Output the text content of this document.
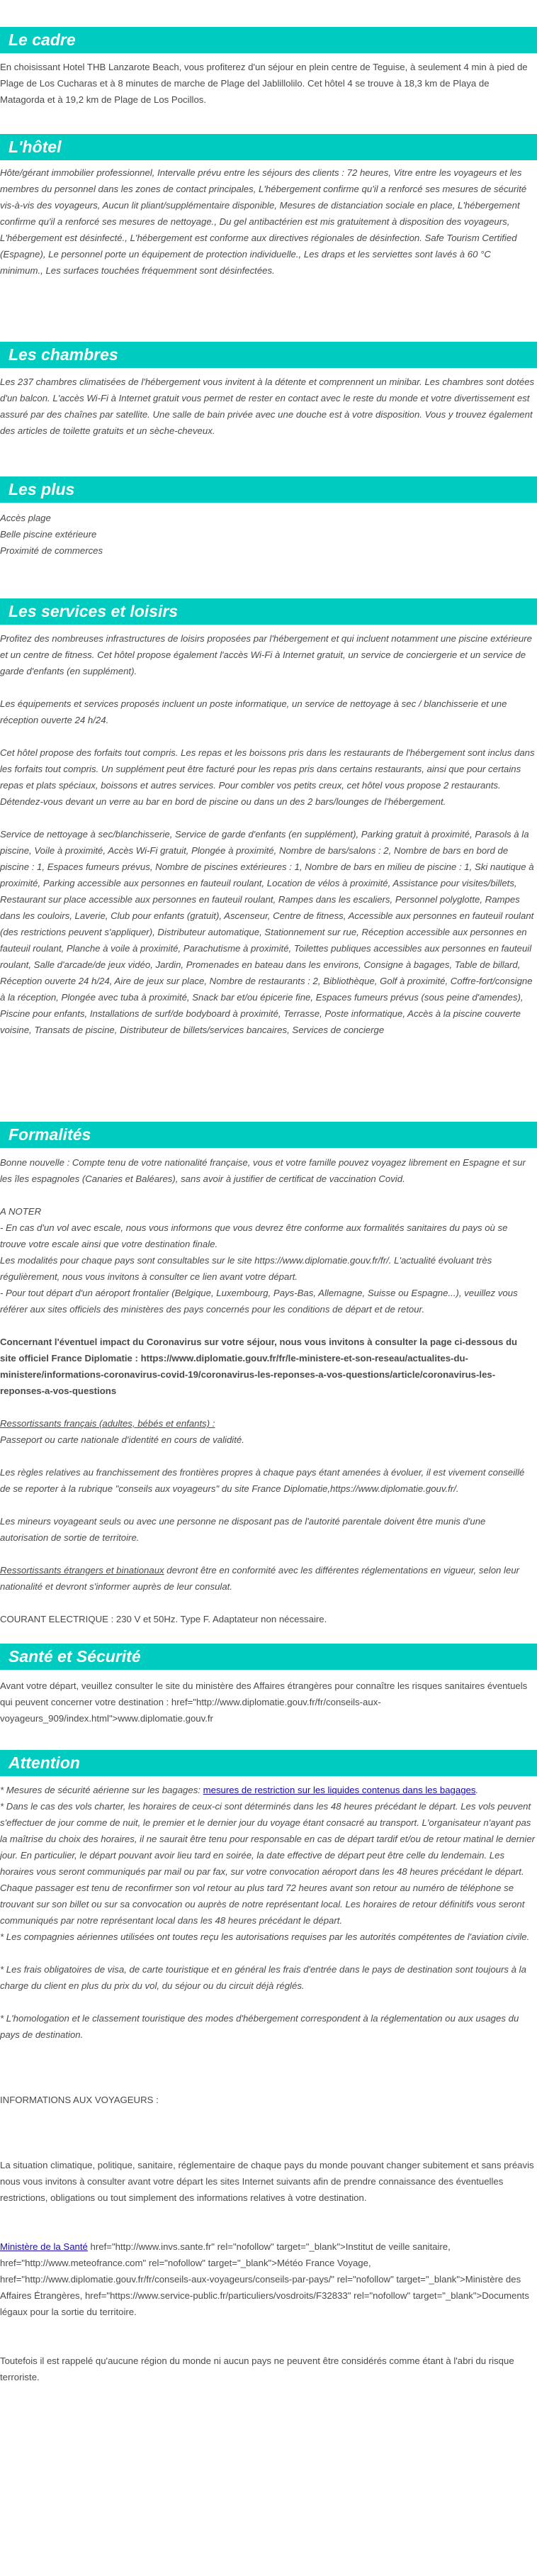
Le cadre

En choisissant Hotel THB Lanzarote Beach, vous profiterez d'un séjour en plein centre de Teguise, à seulement 4 min à pied de Plage de Los Cucharas et à 8 minutes de marche de Plage del Jablillolilo. Cet hôtel 4 se trouve à 18,3 km de Playa de Matagorda et à 19,2 km de Plage de Los Pocillos.

L'hôtel

Hôte/gérant immobilier professionnel, Intervalle prévu entre les séjours des clients : 72 heures, Vitre entre les voyageurs et les membres du personnel dans les zones de contact principales, L'hébergement confirme qu'il a renforcé ses mesures de sécurité vis-à-vis des voyageurs, Aucun lit pliant/supplémentaire disponible, Mesures de distanciation sociale en place, L'hébergement confirme qu'il a renforcé ses mesures de nettoyage., Du gel antibactérien est mis gratuitement à disposition des voyageurs, L'hébergement est désinfecté., L'hébergement est conforme aux directives régionales de désinfection. Safe Tourism Certified (Espagne), Le personnel porte un équipement de protection individuelle., Les draps et les serviettes sont lavés à 60 °C minimum., Les surfaces touchées fréquemment sont désinfectées.

Les chambres

Les 237 chambres climatisées de l'hébergement vous invitent à la détente et comprennent un minibar. Les chambres sont dotées d'un balcon. L'accès Wi-Fi à Internet gratuit vous permet de rester en contact avec le reste du monde et votre divertissement est assuré par des chaînes par satellite. Une salle de bain privée avec une douche est à votre disposition. Vous y trouvez également des articles de toilette gratuits et un sèche-cheveux.

Les plus

Accès plage

Belle piscine extérieure

Proximité de commerces

Les services et loisirs

Profitez des nombreuses infrastructures de loisirs proposées par l'hébergement et qui incluent notamment une piscine extérieure et un centre de fitness. Cet hôtel propose également l'accès Wi-Fi à Internet gratuit, un service de conciergerie et un service de garde d'enfants (en supplément).

Les équipements et services proposés incluent un poste informatique, un service de nettoyage à sec / blanchisserie et une réception ouverte 24 h/24.

Cet hôtel propose des forfaits tout compris. Les repas et les boissons pris dans les restaurants de l'hébergement sont inclus dans les forfaits tout compris. Un supplément peut être facturé pour les repas pris dans certains restaurants, ainsi que pour certains repas et plats spéciaux, boissons et autres services. Pour combler vos petits creux, cet hôtel vous propose 2 restaurants. Détendez-vous devant un verre au bar en bord de piscine ou dans un des 2 bars/lounges de l'hébergement.

Service de nettoyage à sec/blanchisserie, Service de garde d'enfants (en supplément), Parking gratuit à proximité, Parasols à la piscine, Voile à proximité, Accès Wi-Fi gratuit, Plongée à proximité, Nombre de bars/salons : 2, Nombre de bars en bord de piscine : 1, Espaces fumeurs prévus, Nombre de piscines extérieures : 1, Nombre de bars en milieu de piscine : 1, Ski nautique à proximité, Parking accessible aux personnes en fauteuil roulant, Location de vélos à proximité, Assistance pour visites/billets, Restaurant sur place accessible aux personnes en fauteuil roulant, Rampes dans les escaliers, Personnel polyglotte, Rampes dans les couloirs, Laverie, Club pour enfants (gratuit), Ascenseur, Centre de fitness, Accessible aux personnes en fauteuil roulant (des restrictions peuvent s'appliquer), Distributeur automatique, Stationnement sur rue, Réception accessible aux personnes en fauteuil roulant, Planche à voile à proximité, Parachutisme à proximité, Toilettes publiques accessibles aux personnes en fauteuil roulant, Salle d'arcade/de jeux vidéo, Jardin, Promenades en bateau dans les environs, Consigne à bagages, Table de billard, Réception ouverte 24 h/24, Aire de jeux sur place, Nombre de restaurants : 2, Bibliothèque, Golf à proximité, Coffre-fort/consigne à la réception, Plongée avec tuba à proximité, Snack bar et/ou épicerie fine, Espaces fumeurs prévus (sous peine d'amendes), Piscine pour enfants, Installations de surf/de bodyboard à proximité, Terrasse, Poste informatique, Accès à la piscine couverte voisine, Transats de piscine, Distributeur de billets/services bancaires, Services de concierge

Formalités

Bonne nouvelle : Compte tenu de votre nationalité française, vous et votre famille pouvez voyagez librement en Espagne et sur les îles espagnoles (Canaries et Baléares), sans avoir à justifier de certificat de vaccination Covid.

A NOTER

- En cas d'un vol avec escale, nous vous informons que vous devrez être conforme aux formalités sanitaires du pays où se trouve votre escale ainsi que votre destination finale.

Les modalités pour chaque pays sont consultables sur le site https://www.diplomatie.gouv.fr/fr/. L'actualité évoluant très régulièrement, nous vous invitons à consulter ce lien avant votre départ.

- Pour tout départ d'un aéroport frontalier (Belgique, Luxembourg, Pays-Bas, Allemagne, Suisse ou Espagne...), veuillez vous référer aux sites officiels des ministères des pays concernés pour les conditions de départ et de retour.

Concernant l'éventuel impact du Coronavirus sur votre séjour, nous vous invitons à consulter la page ci-dessous du site officiel France Diplomatie : https://www.diplomatie.gouv.fr/fr/le-ministere-et-son-reseau/actualites-du-ministere/informations-coronavirus-covid-19/coronavirus-les-reponses-a-vos-questions/article/coronavirus-les-reponses-a-vos-questions

Ressortissants français (adultes, bébés et enfants) :

Passeport ou carte nationale d'identité en cours de validité.

Les règles relatives au franchissement des frontières propres à chaque pays étant amenées à évoluer, il est vivement conseillé de se reporter à la rubrique "conseils aux voyageurs" du site France Diplomatie,https://www.diplomatie.gouv.fr/.

Les mineurs voyageant seuls ou avec une personne ne disposant pas de l'autorité parentale doivent être munis d'une autorisation de sortie de territoire.

Ressortissants étrangers et binationaux devront être en conformité avec les différentes réglementations en vigueur, selon leur nationalité et devront s'informer auprès de leur consulat.

COURANT ELECTRIQUE : 230 V et 50Hz. Type F. Adaptateur non nécessaire.

Santé et Sécurité

Avant votre départ, veuillez consulter le site du ministère des Affaires étrangères pour connaître les risques sanitaires éventuels qui peuvent concerner votre destination : href="http://www.diplomatie.gouv.fr/fr/conseils-aux-voyageurs_909/index.html">www.diplomatie.gouv.fr

Attention

* Mesures de sécurité aérienne sur les bagages: mesures de restriction sur les liquides contenus dans les bagages.

* Dans le cas des vols charter, les horaires de ceux-ci sont déterminés dans les 48 heures précédant le départ. Les vols peuvent s'effectuer de jour comme de nuit, le premier et le dernier jour du voyage étant consacré au transport. L'organisateur n'ayant pas la maîtrise du choix des horaires, il ne saurait être tenu pour responsable en cas de départ tardif et/ou de retour matinal le dernier jour. En particulier, le départ pouvant avoir lieu tard en soirée, la date effective de départ peut être celle du lendemain. Les horaires vous seront communiqués par mail ou par fax, sur votre convocation aéroport dans les 48 heures précédant le départ. Chaque passager est tenu de reconfirmer son vol retour au plus tard 72 heures avant son retour au numéro de téléphone se trouvant sur son billet ou sur sa convocation ou auprès de notre représentant local. Les horaires de retour définitifs vous seront communiqués par notre représentant local dans les 48 heures précédant le départ.

* Les compagnies aériennes utilisées ont toutes reçu les autorisations requises par les autorités compétentes de l'aviation civile.

* Les frais obligatoires de visa, de carte touristique et en général les frais d'entrée dans le pays de destination sont toujours à la charge du client en plus du prix du vol, du séjour ou du circuit déjà réglés.

* L'homologation et le classement touristique des modes d'hébergement correspondent à la réglementation ou aux usages du pays de destination.

INFORMATIONS AUX VOYAGEURS :

La situation climatique, politique, sanitaire, réglementaire de chaque pays du monde pouvant changer subitement et sans préavis nous vous invitons à consulter avant votre départ les sites Internet suivants afin de prendre connaissance des éventuelles restrictions, obligations ou tout simplement des informations relatives à votre destination.

Ministère de la Santé href="http://www.invs.sante.fr" rel="nofollow" target="_blank">Institut de veille sanitaire, href="http://www.meteofrance.com" rel="nofollow" target="_blank">Météo France Voyage, href="http://www.diplomatie.gouv.fr/fr/conseils-aux-voyageurs/conseils-par-pays/" rel="nofollow" target="_blank">Ministère des Affaires Étrangères, href="https://www.service-public.fr/particuliers/vosdroits/F32833" rel="nofollow" target="_blank">Documents légaux pour la sortie du territoire.

Toutefois il est rappelé qu'aucune région du monde ni aucun pays ne peuvent être considérés comme étant à l'abri du risque terroriste.
